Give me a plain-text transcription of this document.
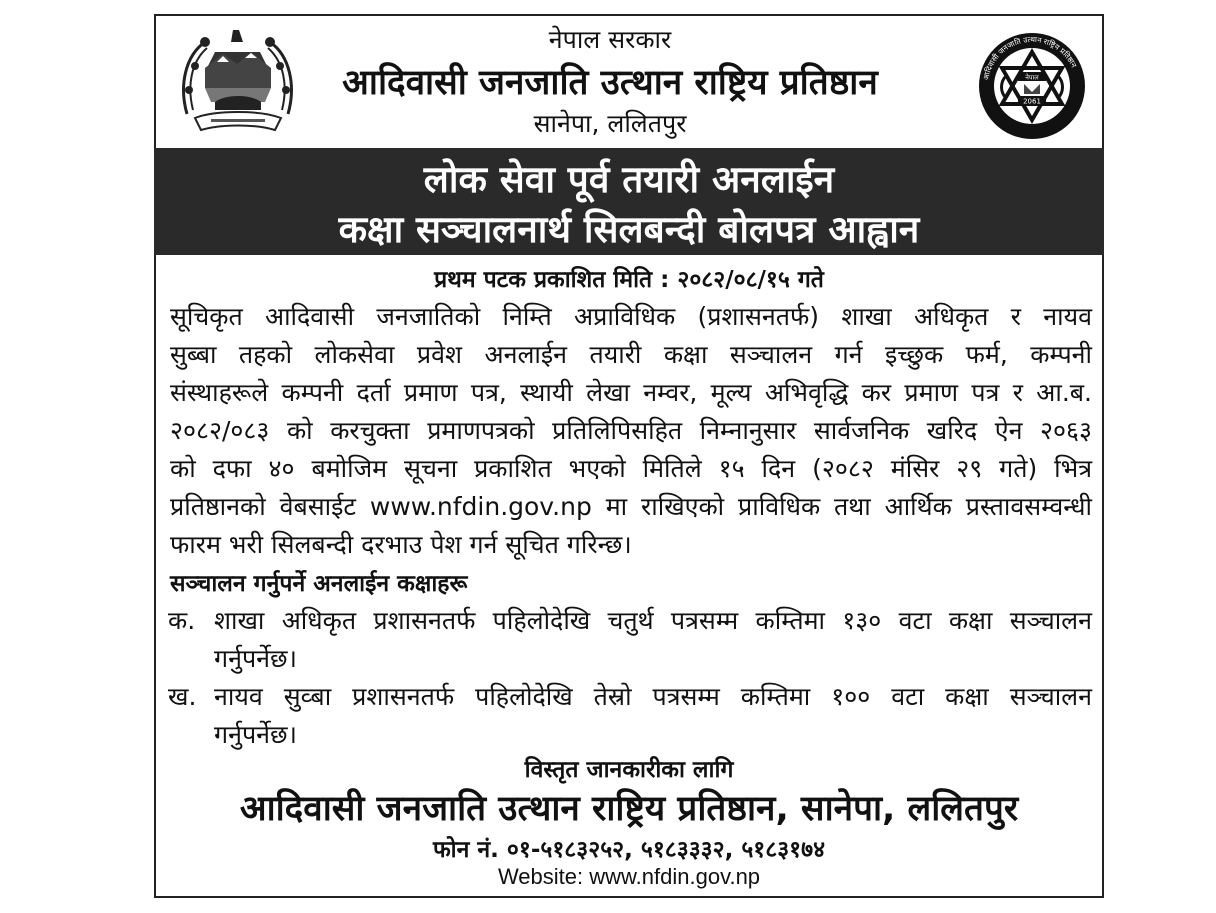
नेपाल सरकार
आदिवासी जनजाति उत्थान राष्ट्रिय प्रतिष्ठान
सानेपा, ललितपुर
आदिवासी जनजाति उत्थान राष्ट्रिय प्रतिष्ठान
नेपाल
2061
लोक सेवा पूर्व तयारी अनलाईन
कक्षा सञ्चालनार्थ सिलबन्दी बोलपत्र आह्वान
प्रथम पटक प्रकाशित मिति : २०८२/०८/१५ गते
सूचिकृत आदिवासी जनजातिको निम्ति अप्राविधिक (प्रशासनतर्फ) शाखा अधिकृत र नायव
सुब्बा तहको लोकसेवा प्रवेश अनलाईन तयारी कक्षा सञ्चालन गर्न इच्छुक फर्म, कम्पनी
संस्थाहरूले कम्पनी दर्ता प्रमाण पत्र, स्थायी लेखा नम्वर, मूल्य अभिवृद्धि कर प्रमाण पत्र र आ.ब.
२०८२/०८३ को करचुक्ता प्रमाणपत्रको प्रतिलिपिसहित निम्नानुसार सार्वजनिक खरिद ऐन २०६३
को दफा ४० बमोजिम सूचना प्रकाशित भएको मितिले १५ दिन (२०८२ मंसिर २९ गते) भित्र
प्रतिष्ठानको वेबसाईट www.nfdin.gov.np मा राखिएको प्राविधिक तथा आर्थिक प्रस्तावसम्वन्धी
फारम भरी सिलबन्दी दरभाउ पेश गर्न सूचित गरिन्छ।
सञ्चालन गर्नुपर्ने अनलाईन कक्षाहरू
क. शाखा अधिकृत प्रशासनतर्फ पहिलोदेखि चतुर्थ पत्रसम्म कम्तिमा १३० वटा कक्षा सञ्चालन
गर्नुपर्नेछ।
ख. नायव सुव्बा प्रशासनतर्फ पहिलोदेखि तेस्रो पत्रसम्म कम्तिमा १०० वटा कक्षा सञ्चालन
गर्नुपर्नेछ।
विस्तृत जानकारीका लागि
आदिवासी जनजाति उत्थान राष्ट्रिय प्रतिष्ठान, सानेपा, ललितपुर
फोन नं. ०१-५१८३२५२, ५१८३३३२, ५१८३१७४
Website: www.nfdin.gov.np
